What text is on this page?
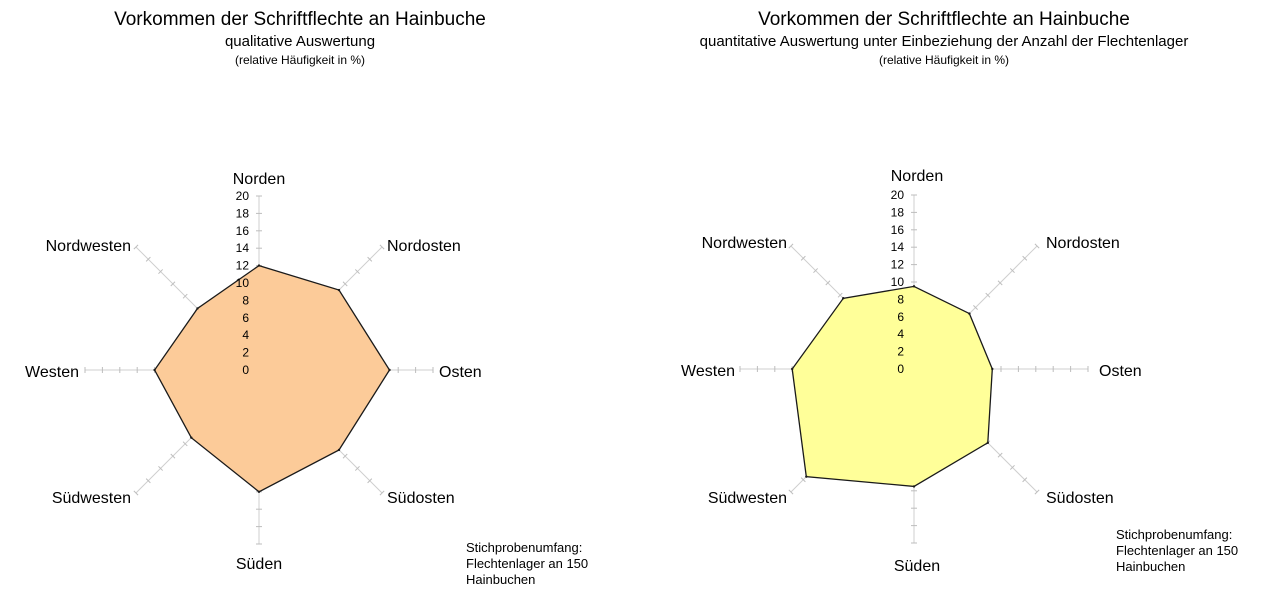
Vorkommen der Schriftflechte an Hainbuche
qualitative Auswertung
(relative Häufigkeit in %)
Vorkommen der Schriftflechte an Hainbuche
quantitative Auswertung unter Einbeziehung der Anzahl der Flechtenlager
(relative Häufigkeit in %)
0
2
4
6
8
10
12
14
16
18
20
Norden
Nordosten
Osten
Südosten
Süden
Südwesten
Westen
Nordwesten
0
2
4
6
8
10
12
14
16
18
20
Norden
Nordosten
Osten
Südosten
Süden
Südwesten
Westen
Nordwesten
Stichprobenumfang:
Flechtenlager an 150
Hainbuchen
Stichprobenumfang:
Flechtenlager an 150
Hainbuchen
